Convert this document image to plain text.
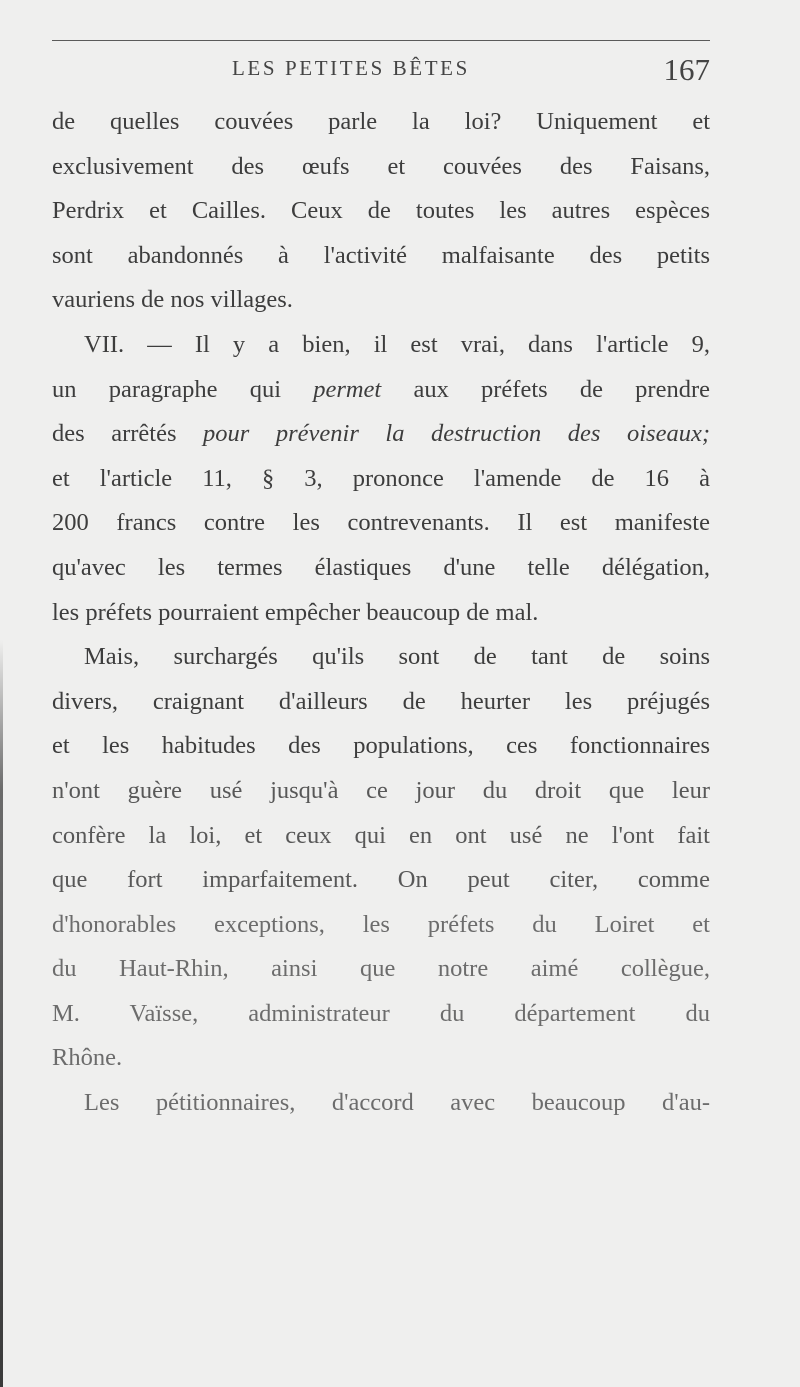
LES PETITES BÊTES	167
de quelles couvées parle la loi? Uniquement et
exclusivement des œufs et couvées des Faisans,
Perdrix et Cailles. Ceux de toutes les autres espèces
sont abandonnés à l'activité malfaisante des petits
vauriens de nos villages.
VII. — Il y a bien, il est vrai, dans l'article 9,
un paragraphe qui permet aux préfets de prendre
des arrêtés pour prévenir la destruction des oiseaux;
et l'article 11, § 3, prononce l'amende de 16 à
200 francs contre les contrevenants. Il est manifeste
qu'avec les termes élastiques d'une telle délégation,
les préfets pourraient empêcher beaucoup de mal.
Mais, surchargés qu'ils sont de tant de soins
divers, craignant d'ailleurs de heurter les préjugés
et les habitudes des populations, ces fonctionnaires
n'ont guère usé jusqu'à ce jour du droit que leur
confère la loi, et ceux qui en ont usé ne l'ont fait
que fort imparfaitement. On peut citer, comme
d'honorables exceptions, les préfets du Loiret et
du Haut-Rhin, ainsi que notre aimé collègue,
M. Vaïsse, administrateur du département du
Rhône.
Les pétitionnaires, d'accord avec beaucoup d'au-
